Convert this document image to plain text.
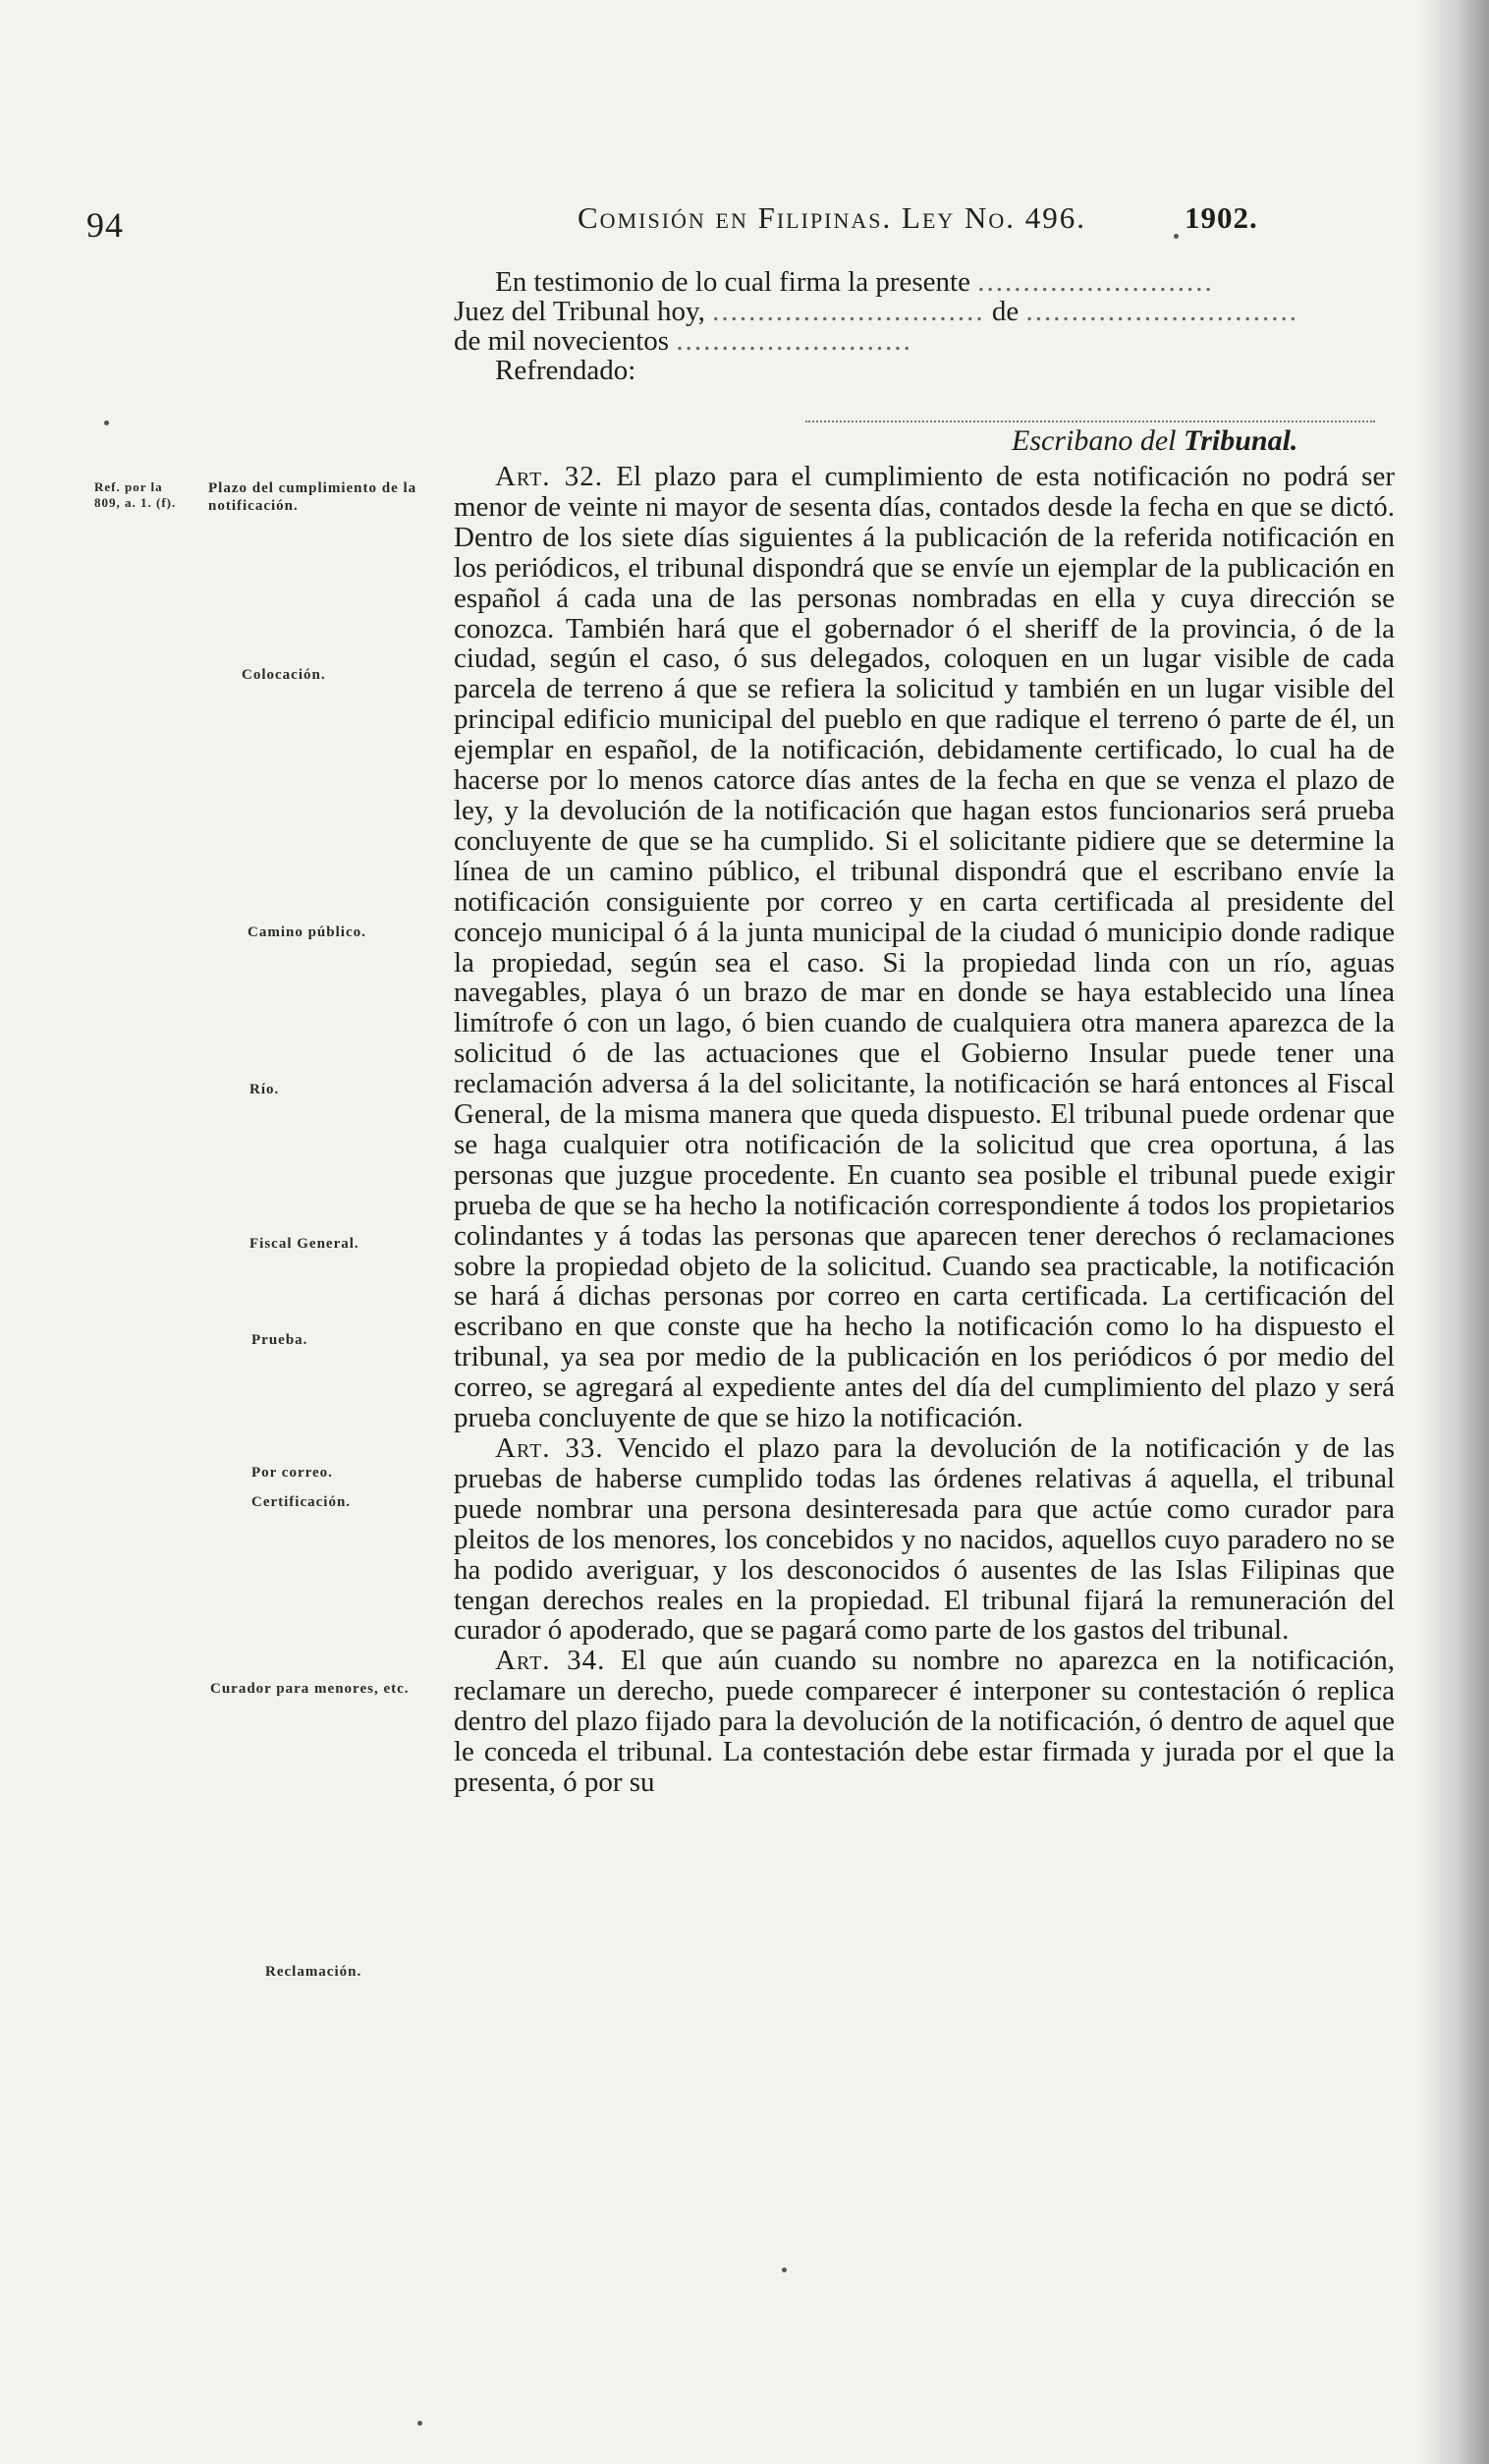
94	Comisión en Filipinas. Ley No. 496.	1902.
En testimonio de lo cual firma la presente ..........................
Juez del Tribunal hoy, .............................. de ..............................
de mil novecientos ..........................
Refrendado:
Escribano del Tribunal.
Ref. por la 809, a. 1. (f).
Plazo del cumplimiento de la notificación.
Colocación.
Camino público.
Río.
Fiscal General.
Prueba.
Por correo.
Certificación.
Curador para menores, etc.
Reclamación.

Art. 32. El plazo para el cumplimiento de esta notificación no podrá ser menor de veinte ni mayor de sesenta días, contados desde la fecha en que se dictó. Dentro de los siete días siguientes á la publicación de la referida notificación en los periódicos, el tribunal dispondrá que se envíe un ejemplar de la publicación en español á cada una de las personas nombradas en ella y cuya dirección se conozca. También hará que el gobernador ó el sheriff de la provincia, ó de la ciudad, según el caso, ó sus delegados, coloquen en un lugar visible de cada parcela de terreno á que se refiera la solicitud y también en un lugar visible del principal edificio municipal del pueblo en que radique el terreno ó parte de él, un ejemplar en español, de la notificación, debidamente certificado, lo cual ha de hacerse por lo menos catorce días antes de la fecha en que se venza el plazo de ley, y la devolución de la notificación que hagan estos funcionarios será prueba concluyente de que se ha cumplido. Si el solicitante pidiere que se determine la línea de un camino público, el tribunal dispondrá que el escribano envíe la notificación consiguiente por correo y en carta certificada al presidente del concejo municipal ó á la junta municipal de la ciudad ó municipio donde radique la propiedad, según sea el caso. Si la propiedad linda con un río, aguas navegables, playa ó un brazo de mar en donde se haya establecido una línea limítrofe ó con un lago, ó bien cuando de cualquiera otra manera aparezca de la solicitud ó de las actuaciones que el Gobierno Insular puede tener una reclamación adversa á la del solicitante, la notificación se hará entonces al Fiscal General, de la misma manera que queda dispuesto. El tribunal puede ordenar que se haga cualquier otra notificación de la solicitud que crea oportuna, á las personas que juzgue procedente. En cuanto sea posible el tribunal puede exigir prueba de que se ha hecho la notificación correspondiente á todos los propietarios colindantes y á todas las personas que aparecen tener derechos ó reclamaciones sobre la propiedad objeto de la solicitud. Cuando sea practicable, la notificación se hará á dichas personas por correo en carta certificada. La certificación del escribano en que conste que ha hecho la notificación como lo ha dispuesto el tribunal, ya sea por medio de la publicación en los periódicos ó por medio del correo, se agregará al expediente antes del día del cumplimiento del plazo y será prueba concluyente de que se hizo la notificación.

Art. 33. Vencido el plazo para la devolución de la notificación y de las pruebas de haberse cumplido todas las órdenes relativas á aquella, el tribunal puede nombrar una persona desinteresada para que actúe como curador para pleitos de los menores, los concebidos y no nacidos, aquellos cuyo paradero no se ha podido averiguar, y los desconocidos ó ausentes de las Islas Filipinas que tengan derechos reales en la propiedad. El tribunal fijará la remuneración del curador ó apoderado, que se pagará como parte de los gastos del tribunal.

Art. 34. El que aún cuando su nombre no aparezca en la notificación, reclamare un derecho, puede comparecer é interponer su contestación ó replica dentro del plazo fijado para la devolución de la notificación, ó dentro de aquel que le conceda el tribunal. La contestación debe estar firmada y jurada por el que la presenta, ó por su
